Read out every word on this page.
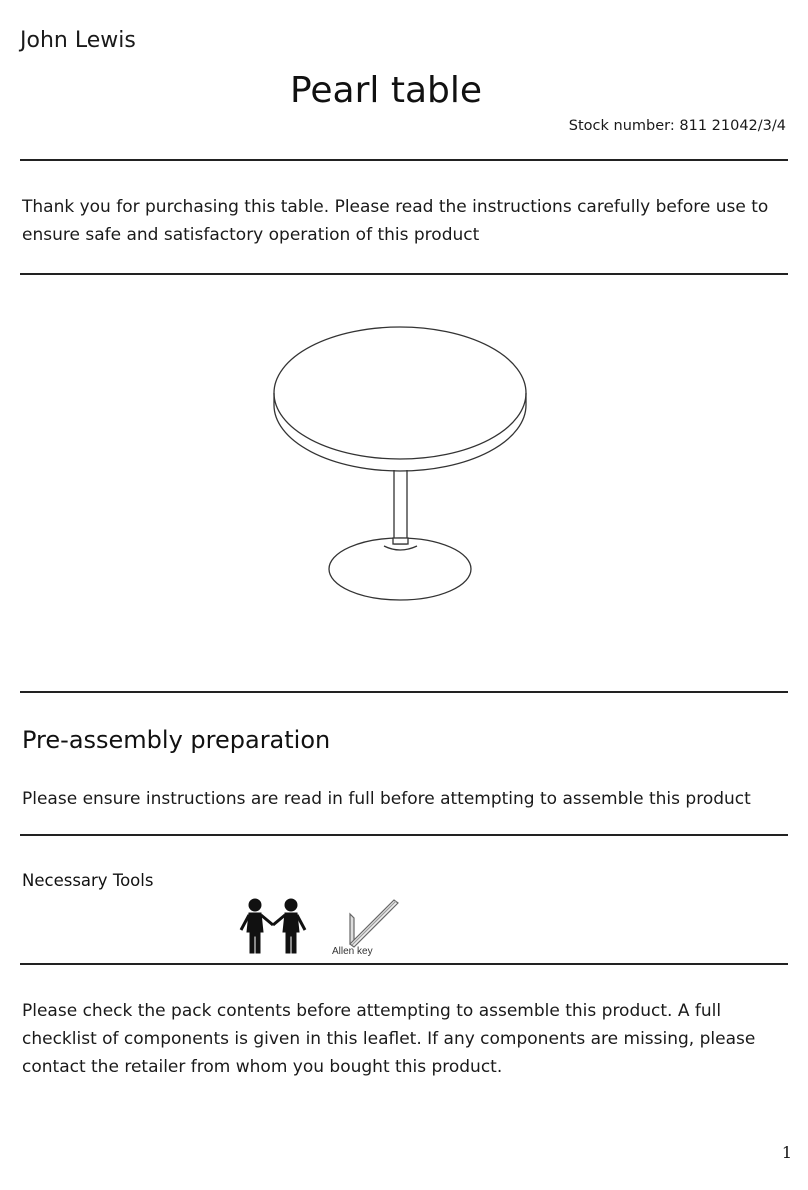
John Lewis
Pearl table
Stock number: 811 21042/3/4
Thank you for purchasing this table. Please read the instructions carefully before use to ensure safe and satisfactory operation of this product
Pre-assembly preparation
Please ensure instructions are read in full before attempting to assemble this product
Necessary Tools
Allen key
Please check the pack contents before attempting to assemble this product. A full checklist of components is given in this leaflet. If any components are missing, please contact the retailer from whom you bought this product.
1
